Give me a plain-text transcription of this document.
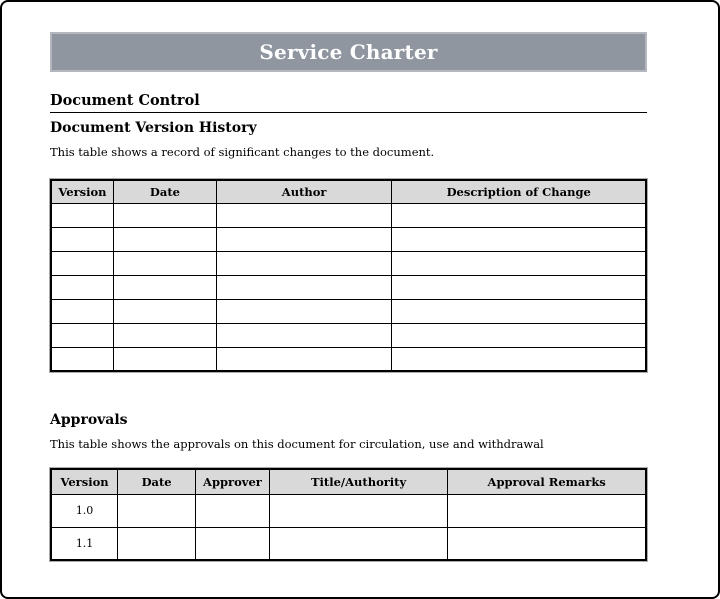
Service Charter
Document Control
Document Version History

This table shows a record of significant changes to the document.

Version	Date	Author	Description of Change

Approvals

This table shows the approvals on this document for circulation, use and withdrawal

Version	Date	Approver	Title/Authority	Approval Remarks
1.0				
1.1				
